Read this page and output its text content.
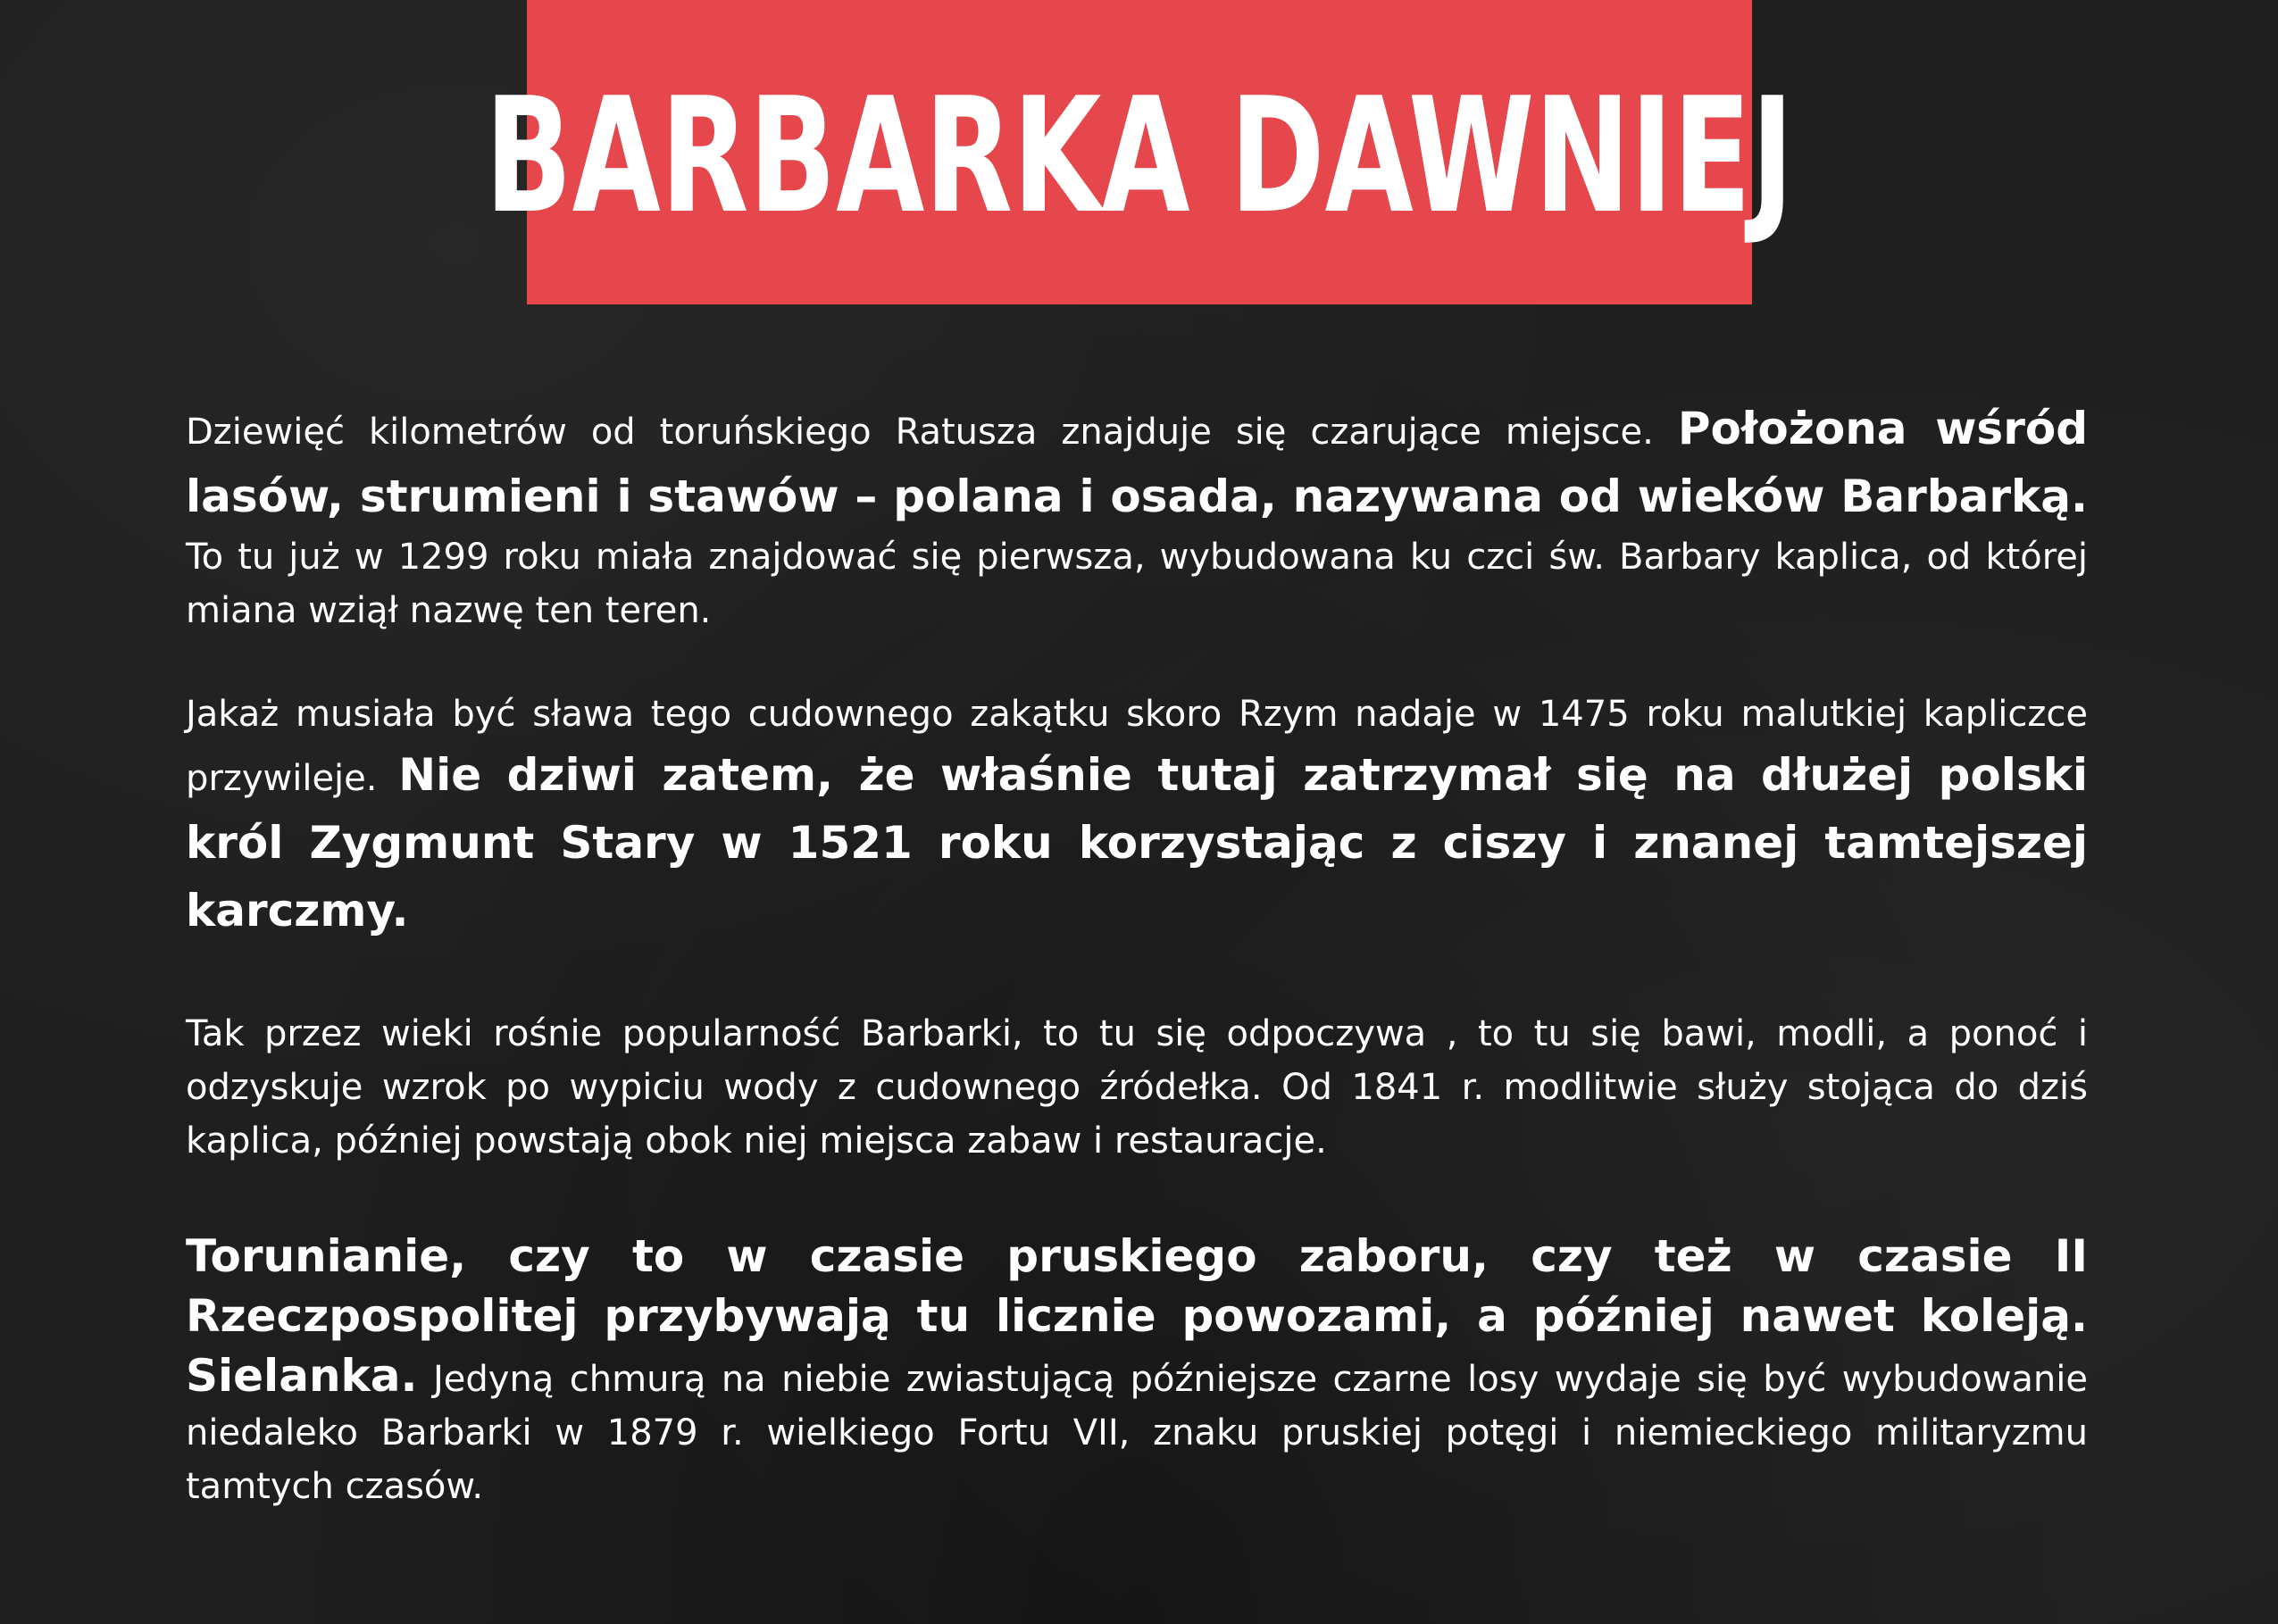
BARBARKA DAWNIEJ

Dziewięć kilometrów od toruńskiego Ratusza znajduje się czarujące miejsce. Położona wśród lasów, strumieni i stawów – polana i osada, nazywana od wieków Barbarką. To tu już w 1299 roku miała znajdować się pierwsza, wybudowana ku czci św. Barbary kaplica, od której miana wziął nazwę ten teren.

Jakaż musiała być sława tego cudownego zakątku skoro Rzym nadaje w 1475 roku malutkiej kapliczce przywileje. Nie dziwi zatem, że właśnie tutaj zatrzymał się na dłużej polski król Zygmunt Stary w 1521 roku korzystając z ciszy i znanej tamtejszej karczmy.

Tak przez wieki rośnie popularność Barbarki, to tu się odpoczywa , to tu się bawi, modli, a ponoć i odzyskuje wzrok po wypiciu wody z cudownego źródełka. Od 1841 r. modlitwie służy stojąca do dziś kaplica, później powstają obok niej miejsca zabaw i restauracje.

Torunianie, czy to w czasie pruskiego zaboru, czy też w czasie II Rzeczpospolitej przybywają tu licznie powozami, a później nawet koleją. Sielanka. Jedyną chmurą na niebie zwiastującą późniejsze czarne losy wydaje się być wybudowanie niedaleko Barbarki w 1879 r. wielkiego Fortu VII, znaku pruskiej potęgi i niemieckiego militaryzmu tamtych czasów.
